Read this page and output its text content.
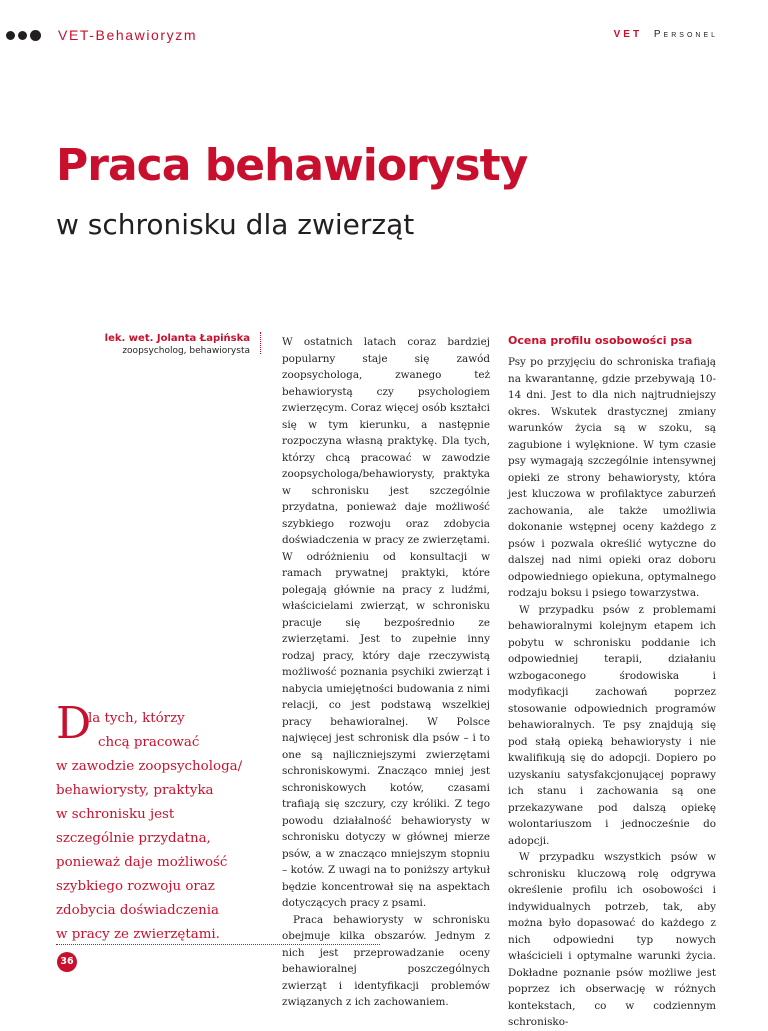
VET-Behawioryzm	VET Personel
Praca behawiorysty
w schronisku dla zwierząt
lek. wet. Jolanta Łapińska
zoopsycholog, behawiorysta
D
la tych, którzy
chcą pracować
w zawodzie zoopsychologa/
behawiorysty, praktyka
w schronisku jest
szczególnie przydatna,
ponieważ daje możliwość
szybkiego rozwoju oraz
zdobycia doświadczenia
w pracy ze zwierzętami.
36

W ostatnich latach coraz bardziej popularny staje się zawód zoopsychologa, zwanego też behawiorystą czy psychologiem zwierzęcym. Coraz więcej osób kształci się w tym kierunku, a następnie rozpoczyna własną praktykę. Dla tych, którzy chcą pracować w zawodzie zoopsychologa/behawiorysty, praktyka w schronisku jest szczególnie przydatna, ponieważ daje możliwość szybkiego rozwoju oraz zdobycia doświadczenia w pracy ze zwierzętami. W odróżnieniu od konsultacji w ramach prywatnej praktyki, które polegają głównie na pracy z ludźmi, właścicielami zwierząt, w schronisku pracuje się bezpośrednio ze zwierzętami. Jest to zupełnie inny rodzaj pracy, który daje rzeczywistą możliwość poznania psychiki zwierząt i nabycia umiejętności budowania z nimi relacji, co jest podstawą wszelkiej pracy behawioralnej. W Polsce najwięcej jest schronisk dla psów – i to one są najliczniejszymi zwierzętami schroniskowymi. Znacząco mniej jest schroniskowych kotów, czasami trafiają się szczury, czy króliki. Z tego powodu działalność behawiorysty w schronisku dotyczy w głównej mierze psów, a w znacząco mniejszym stopniu – kotów. Z uwagi na to poniższy artykuł będzie koncentrował się na aspektach dotyczących pracy z psami.

Praca behawiorysty w schronisku obejmuje kilka obszarów. Jednym z nich jest przeprowadzanie oceny behawioralnej poszczególnych zwierząt i identyfikacji problemów związanych z ich zachowaniem.

Ocena profilu osobowości psa

Psy po przyjęciu do schroniska trafiają na kwarantannę, gdzie przebywają 10-14 dni. Jest to dla nich najtrudniejszy okres. Wskutek drastycznej zmiany warunków życia są w szoku, są zagubione i wylęknione. W tym czasie psy wymagają szczególnie intensywnej opieki ze strony behawiorysty, która jest kluczowa w profilaktyce zaburzeń zachowania, ale także umożliwia dokonanie wstępnej oceny każdego z psów i pozwala określić wytyczne do dalszej nad nimi opieki oraz doboru odpowiedniego opiekuna, optymalnego rodzaju boksu i psiego towarzystwa.

W przypadku psów z problemami behawioralnymi kolejnym etapem ich pobytu w schronisku poddanie ich odpowiedniej terapii, działaniu wzbogaconego środowiska i modyfikacji zachowań poprzez stosowanie odpowiednich programów behawioralnych. Te psy znajdują się pod stałą opieką behawiorysty i nie kwalifikują się do adopcji. Dopiero po uzyskaniu satysfakcjonującej poprawy ich stanu i zachowania są one przekazywane pod dalszą opiekę wolontariuszom i jednocześnie do adopcji.

W przypadku wszystkich psów w schronisku kluczową rolę odgrywa określenie profilu ich osobowości i indywidualnych potrzeb, tak, aby można było dopasować do każdego z nich odpowiedni typ nowych właścicieli i optymalne warunki życia. Dokładne poznanie psów możliwe jest poprzez ich obserwację w różnych kontekstach, co w codziennym schronisko-
